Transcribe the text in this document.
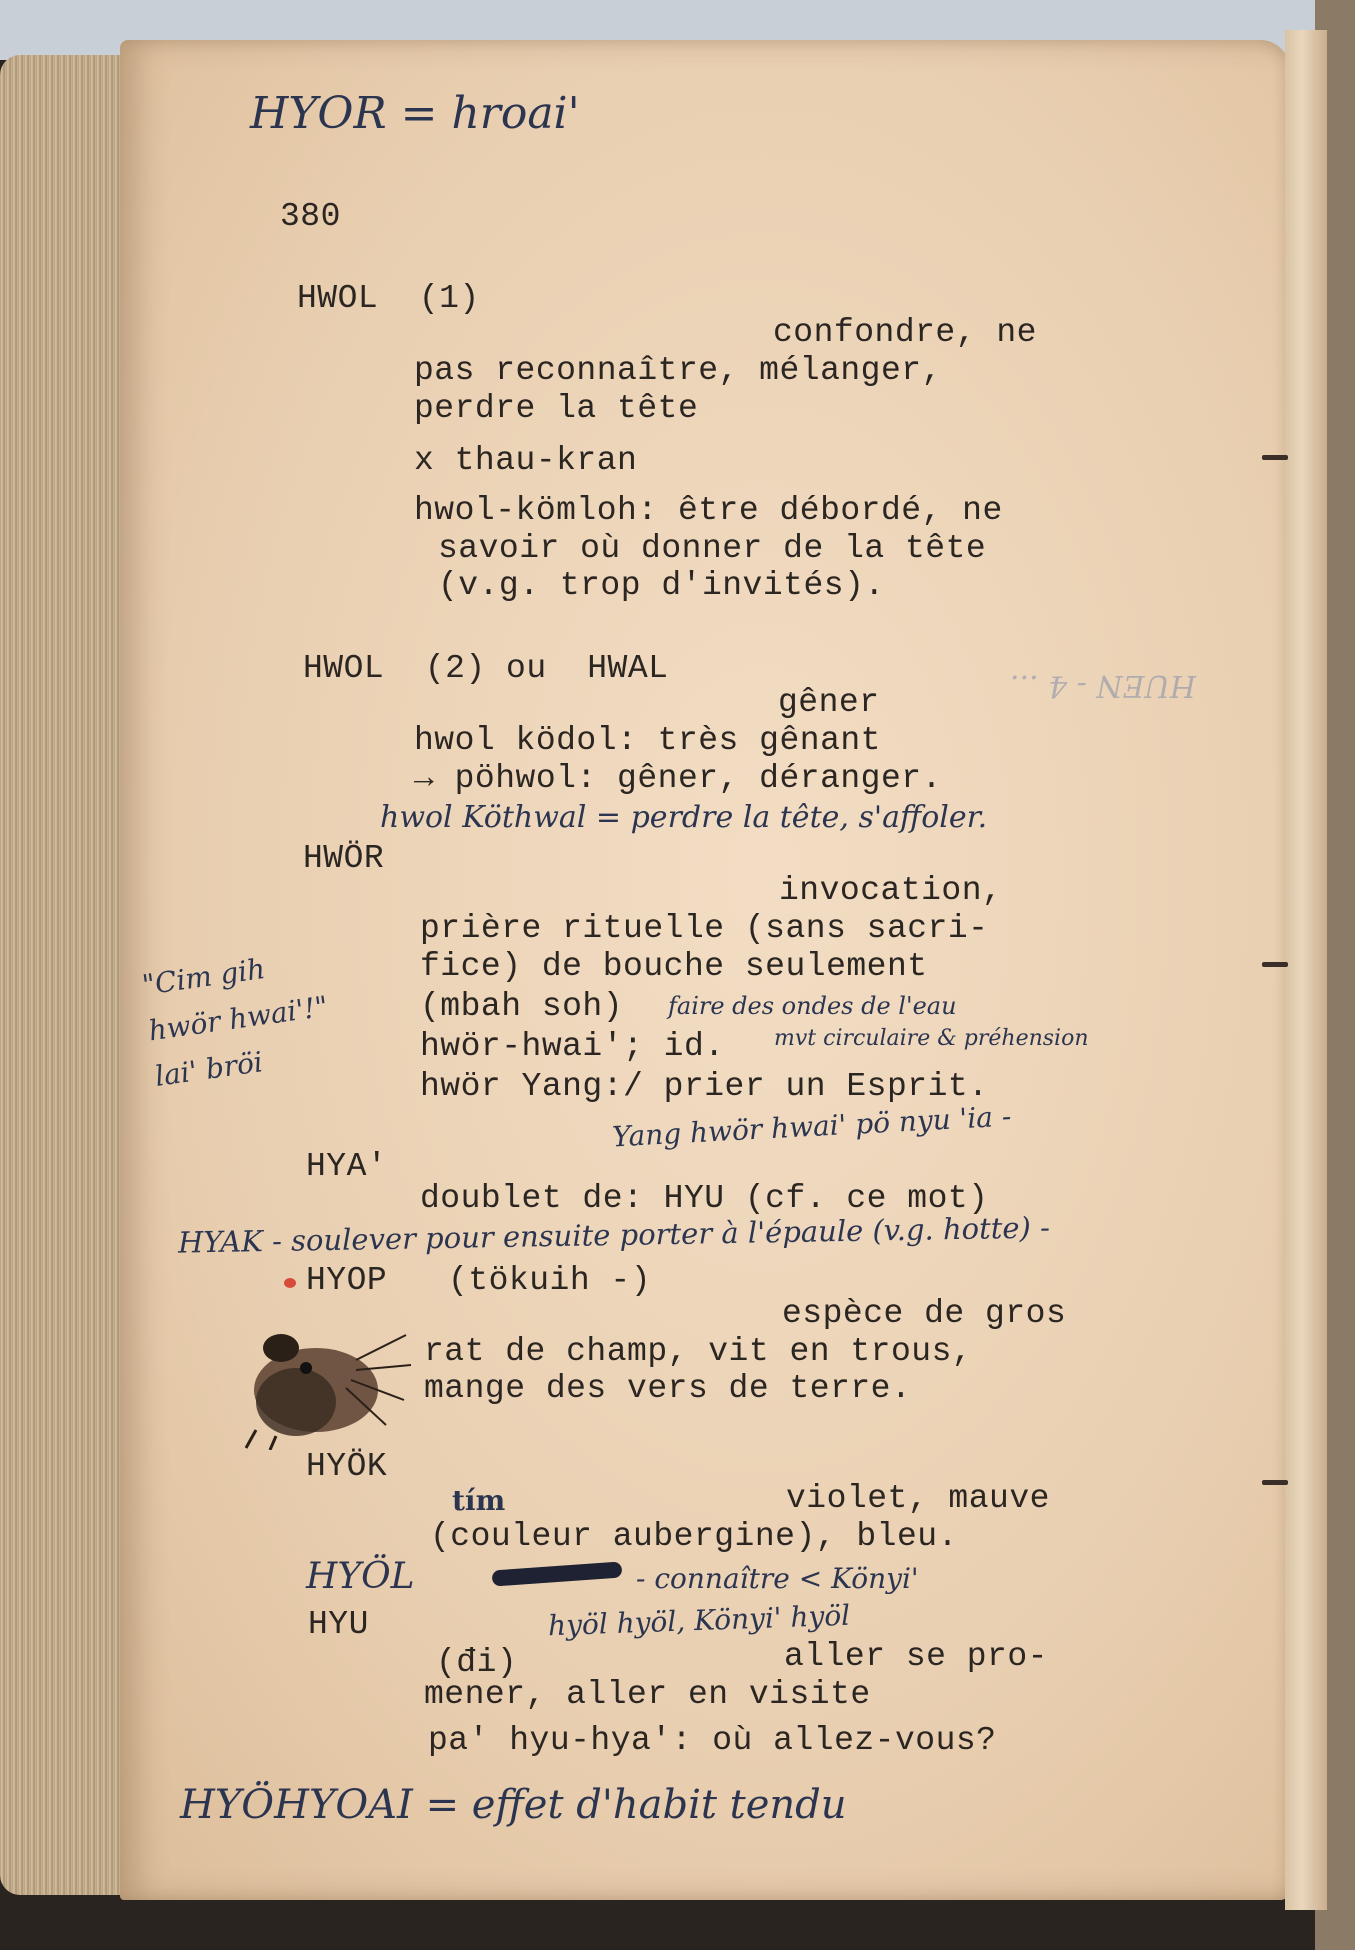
HYOR = hroai'
380
HWOL  (1)
confondre, ne
pas reconnaître, mélanger,
perdre la tête
x thau-kran
hwol-kömloh: être débordé, ne
savoir où donner de la tête
(v.g. trop d'invités).
HWOL  (2) ou  HWAL
gêner
hwol ködol: très gênant
→ pöhwol: gêner, déranger.
hwol Köthwal = perdre la tête, s'affoler.
HUEN - 4 ...
HWÖR
invocation,
prière rituelle (sans sacri-
fice) de bouche seulement
(mbah soh) faire des ondes de l'eau
hwör-hwai'; id. mvt circulaire & préhension
hwör Yang:/ prier un Esprit.
Yang hwör hwai' pö nyu 'ia -
"Cim gih
hwör hwai'!"
lai' bröi
HYA'
doublet de: HYU (cf. ce mot)
HYAK - soulever pour ensuite porter à l'épaule (v.g. hotte) -
HYOP (tökuih -)
espèce de gros
rat de champ, vit en trous,
mange des vers de terre.
HYÖK
tím	violet, mauve
(couleur aubergine), bleu.
HYÖL	- connaître < Könyi'
hyöl hyöl, Könyi' hyöl
HYU
(đi)	aller se pro-
mener, aller en visite
pa' hyu-hya': où allez-vous?
HYÖHYOAI = effet d'habit tendu
